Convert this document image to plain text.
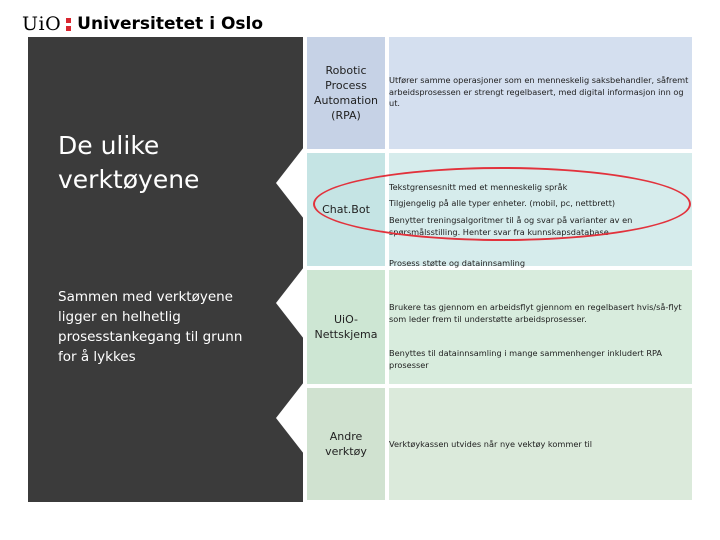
UiO Universitetet i Oslo
De ulike
verktøyene
Sammen med verktøyene ligger en helhetlig prosesstankegang til grunn for å lykkes
Robotic Process Automation (RPA)
Utfører samme operasjoner som en menneskelig saksbehandler, såfremt arbeidsprosessen er strengt regelbasert, med digital informasjon inn og ut.
Chat.Bot
Tekstgrensesnitt med et menneskelig språk
Tilgjengelig på alle typer enheter. (mobil, pc, nettbrett)
Benytter treningsalgoritmer til å og svar på varianter av en spørsmålsstilling. Henter svar fra kunnskapsdatabase
UiO-Nettskjema
Prosess støtte og datainnsamling
Brukere tas gjennom en arbeidsflyt gjennom en regelbasert hvis/så-flyt som leder frem til understøtte arbeidsprosesser.
Benyttes til datainnsamling i mange sammenhenger inkludert RPA prosesser
Andre verktøy
Verktøykassen utvides når nye vektøy kommer til
